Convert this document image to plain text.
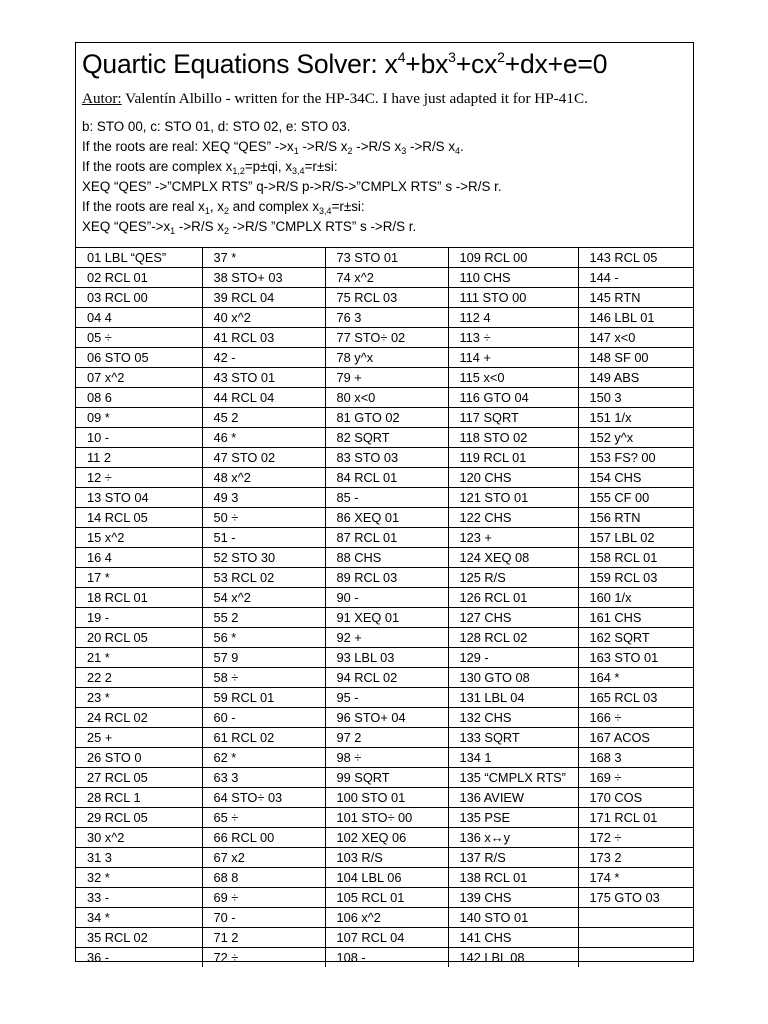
Quartic Equations Solver: $x^4+bx^3+cx^2+dx+e=0$
Autor: Valentín Albillo - written for the HP-34C. I have just adapted it for HP-41C.
b: STO 00, c: STO 01, d: STO 02, e: STO 03.
If the roots are real: XEQ “QES” $->x_1$ ->R/S $x_2$ ->R/S $x_3$ ->R/S $x_4$.
If the roots are complex $x_{1,2}=p\pm qi$, $x_{3,4}=r\pm si$:
XEQ “QES” ->”CMPLX RTS” q->R/S p->R/S->”CMPLX RTS” s ->R/S r.
If the roots are real $x_1$, $x_2$ and complex $x_{3,4}=r\pm si$:
XEQ “$QES”->x_1$ ->R/S $x_2$ ->R/S ”CMPLX RTS” s ->R/S r.
01 LBL “QES”	37 *	73 STO 01	109 RCL 00	143 RCL 05
02 RCL 01	38 STO+ 03	74 x^2	110 CHS	144 -
03 RCL 00	39 RCL 04	75 RCL 03	111 STO 00	145 RTN
04 4	40 x^2	76 3	112 4	146 LBL 01
05 ÷	41 RCL 03	77 STO÷ 02	113 ÷	147 x<0
06 STO 05	42 -	78 y^x	114 +	148 SF 00
07 x^2	43 STO 01	79 +	115 x<0	149 ABS
08 6	44 RCL 04	80 x<0	116 GTO 04	150 3
09 *	45 2	81 GTO 02	117 SQRT	151 1/x
10 -	46 *	82 SQRT	118 STO 02	152 y^x
11 2	47 STO 02	83 STO 03	119 RCL 01	153 FS? 00
12 ÷	48 x^2	84 RCL 01	120 CHS	154 CHS
13 STO 04	49 3	85 -	121 STO 01	155 CF 00
14 RCL 05	50 ÷	86 XEQ 01	122 CHS	156 RTN
15 x^2	51 -	87 RCL 01	123 +	157 LBL 02
16 4	52 STO 30	88 CHS	124 XEQ 08	158 RCL 01
17 *	53 RCL 02	89 RCL 03	125 R/S	159 RCL 03
18 RCL 01	54 x^2	90 -	126 RCL 01	160 1/x
19 -	55 2	91 XEQ 01	127 CHS	161 CHS
20 RCL 05	56 *	92 +	128 RCL 02	162 SQRT
21 *	57 9	93 LBL 03	129 -	163 STO 01
22 2	58 ÷	94 RCL 02	130 GTO 08	164 *
23 *	59 RCL 01	95 -	131 LBL 04	165 RCL 03
24 RCL 02	60 -	96 STO+ 04	132 CHS	166 ÷
25 +	61 RCL 02	97 2	133 SQRT	167 ACOS
26 STO 0	62 *	98 ÷	134 1	168 3
27 RCL 05	63 3	99 SQRT	135 “CMPLX RTS”	169 ÷
28 RCL 1	64 STO÷ 03	100 STO 01	136 AVIEW	170 COS
29 RCL 05	65 ÷	101 STO÷ 00	135 PSE	171 RCL 01
30 x^2	66 RCL 00	102 XEQ 06	136 x↔y	172 ÷
31 3	67 x2	103 R/S	137 R/S	173 2
32 *	68 8	104 LBL 06	138 RCL 01	174 *
33 -	69 ÷	105 RCL 01	139 CHS	175 GTO 03
34 *	70 -	106 x^2	140 STO 01	
35 RCL 02	71 2	107 RCL 04	141 CHS	
36 -	72 ÷	108 -	142 LBL 08	
